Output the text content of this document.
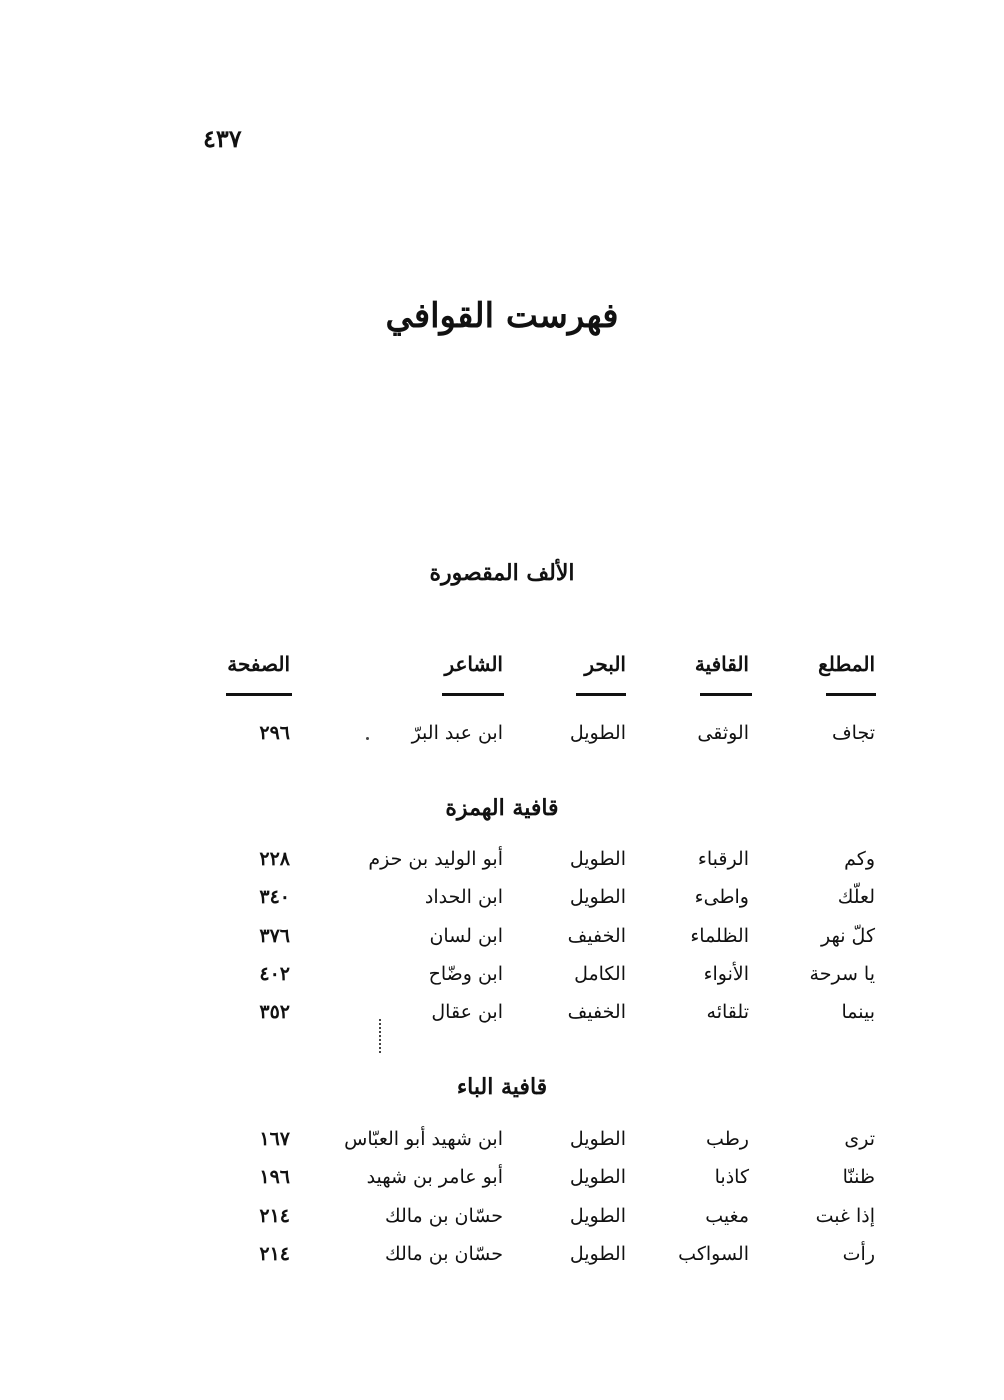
٤٣٧
فهرست القوافي
الألف المقصورة
المطلع
القافية
البحر
الشاعر
الصفحة
تجاف
الوثقى
الطويل
ابن عبد البرّ
٢٩٦
قافية الهمزة
وكم
الرقباء
الطويل
أبو الوليد بن حزم
٢٢٨
لعلّك
واطىء
الطويل
ابن الحداد
٣٤٠
كلّ نهر
الظلماء
الخفيف
ابن لسان
٣٧٦
يا سرحة
الأنواء
الكامل
ابن وضّاح
٤٠٢
بينما
تلقائه
الخفيف
ابن عقال
٣٥٢
قافية الباء
ترى
رطب
الطويل
ابن شهيد أبو العبّاس
١٦٧
ظننّا
كاذبا
الطويل
أبو عامر بن شهيد
١٩٦
إذا غبت
مغيب
الطويل
حسّان بن مالك
٢١٤
رأت
السواكب
الطويل
حسّان بن مالك
٢١٤
